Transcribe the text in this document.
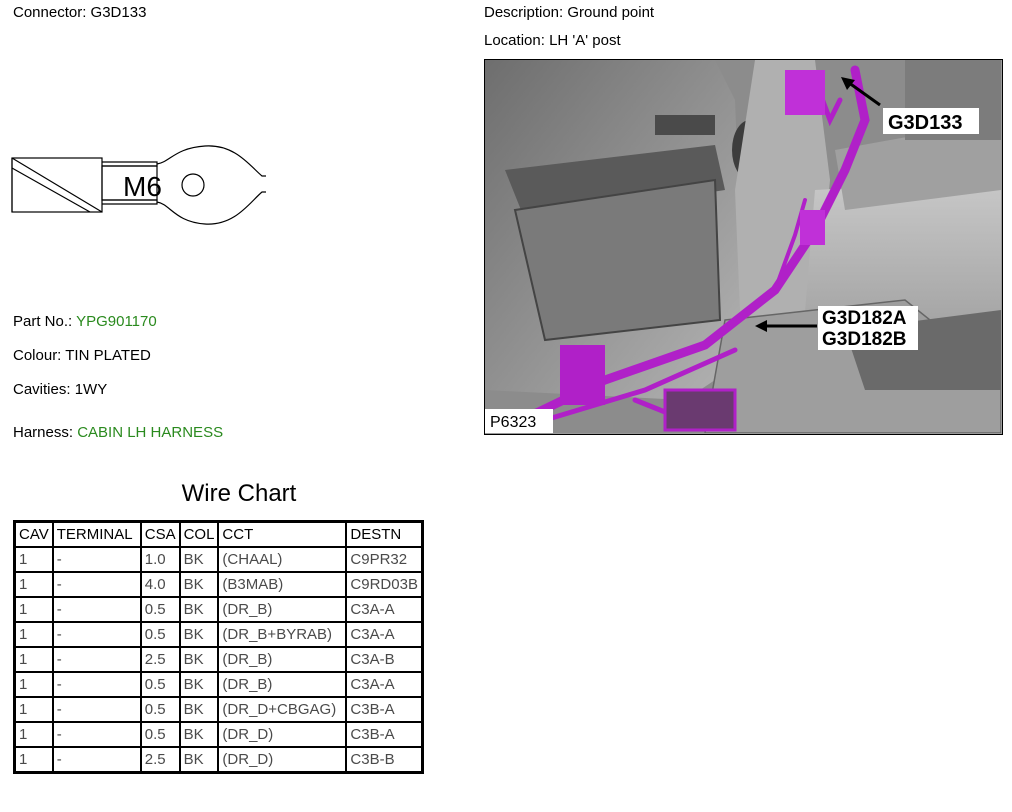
Connector: G3D133	Description: Ground point
Location: LH 'A' post
M6
Part No.: YPG901170
Colour: TIN PLATED
Cavities: 1WY
Harness: CABIN LH HARNESS
G3D133
G3D182A
G3D182B
P6323
Wire Chart
CAV	TERMINAL	CSA	COL	CCT	DESTN
1	-	1.0	BK	(CHAAL)	C9PR32
1	-	4.0	BK	(B3MAB)	C9RD03B
1	-	0.5	BK	(DR_B)	C3A-A
1	-	0.5	BK	(DR_B+BYRAB)	C3A-A
1	-	2.5	BK	(DR_B)	C3A-B
1	-	0.5	BK	(DR_B)	C3A-A
1	-	0.5	BK	(DR_D+CBGAG)	C3B-A
1	-	0.5	BK	(DR_D)	C3B-A
1	-	2.5	BK	(DR_D)	C3B-B
